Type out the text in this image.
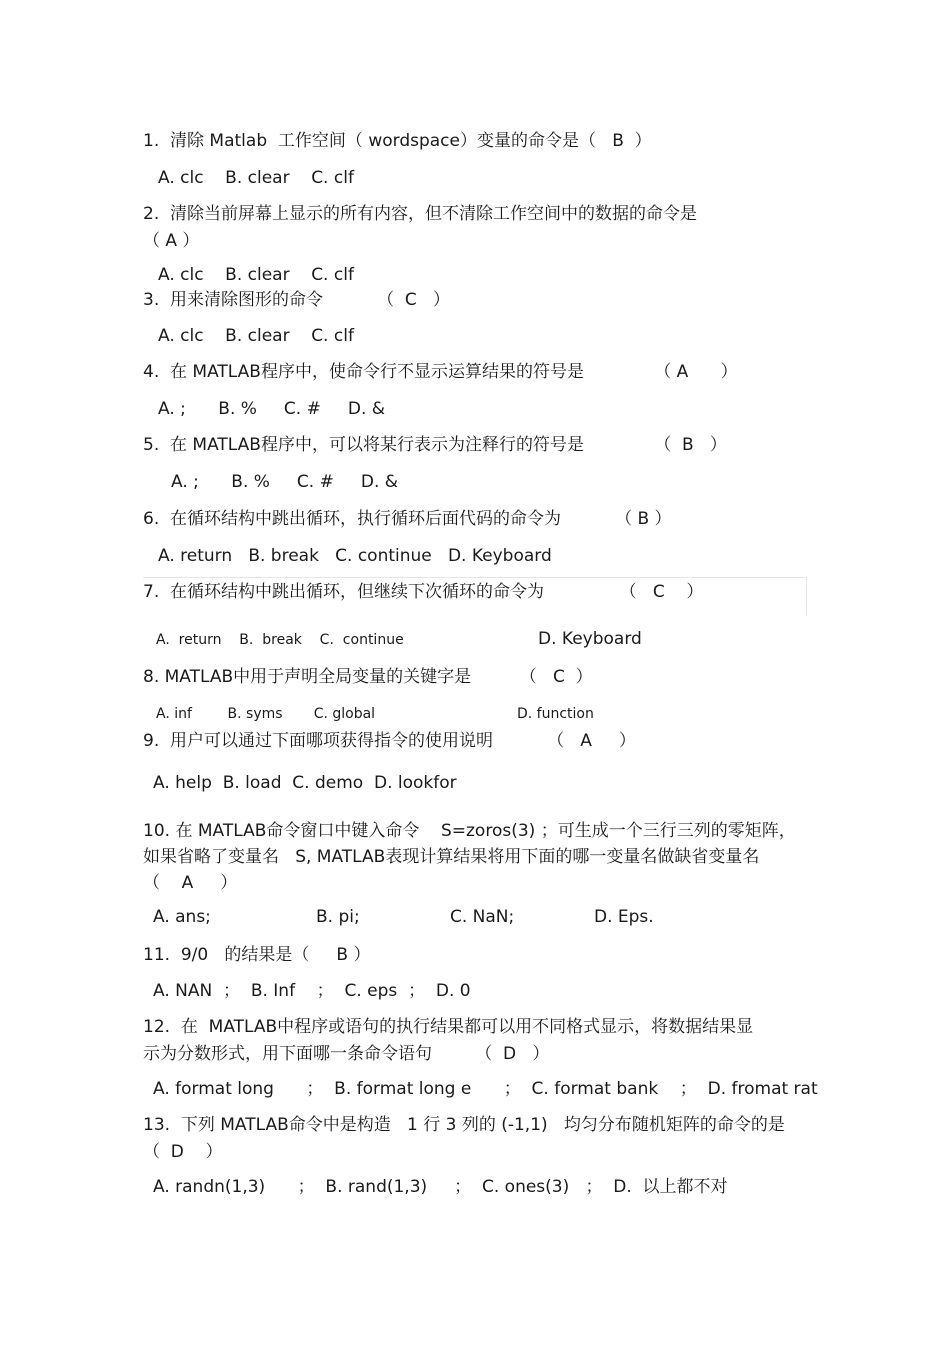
1.  清除 Matlab  工作空间（ wordspace）变量的命令是（   B  ）
A. clc    B. clear    C. clf
2.  清除当前屏幕上显示的所有内容，但不清除工作空间中的数据的命令是
（ A ）
A. clc    B. clear    C. clf
3.  用来清除图形的命令          （  C   ）
A. clc    B. clear    C. clf
4.  在 MATLAB程序中，使命令行不显示运算结果的符号是             （ A      ）
A. ;      B. %     C. #     D. &
5.  在 MATLAB程序中，可以将某行表示为注释行的符号是             （  B   ）
A. ;      B. %     C. #     D. &
6.  在循环结构中跳出循环，执行循环后面代码的命令为          （ B ）
A. return   B. break   C. continue   D. Keyboard
7.  在循环结构中跳出循环，但继续下次循环的命令为              （   C    ）
A.  return    B.  break    C.  continue	D. Keyboard
8. MATLAB中用于声明全局变量的关键字是         （   C  ）
A. inf        B. syms       C. global	D. function
9.  用户可以通过下面哪项获得指令的使用说明          （   A     ）
A. help  B. load  C. demo  D. lookfor
10. 在 MATLAB命令窗口中键入命令    S=zoros(3) ；可生成一个三行三列的零矩阵，
如果省略了变量名   S, MATLAB表现计算结果将用下面的哪一变量名做缺省变量名
（    A     ）
A. ans;	B. pi;	C. NaN;	D. Eps.
11.  9/0   的结果是（     B ）
A. NAN  ；  B. Inf    ；  C. eps  ；  D. 0
12.  在  MATLAB中程序或语句的执行结果都可以用不同格式显示，将数据结果显
示为分数形式，用下面哪一条命令语句        （  D   ）
A. format long      ；  B. format long e      ；  C. format bank    ；  D. fromat rat
13.  下列 MATLAB命令中是构造   1 行 3 列的 (-1,1)   均匀分布随机矩阵的命令的是
（  D    ）
A. randn(1,3)      ；  B. rand(1,3)     ；  C. ones(3)   ；  D.  以上都不对
